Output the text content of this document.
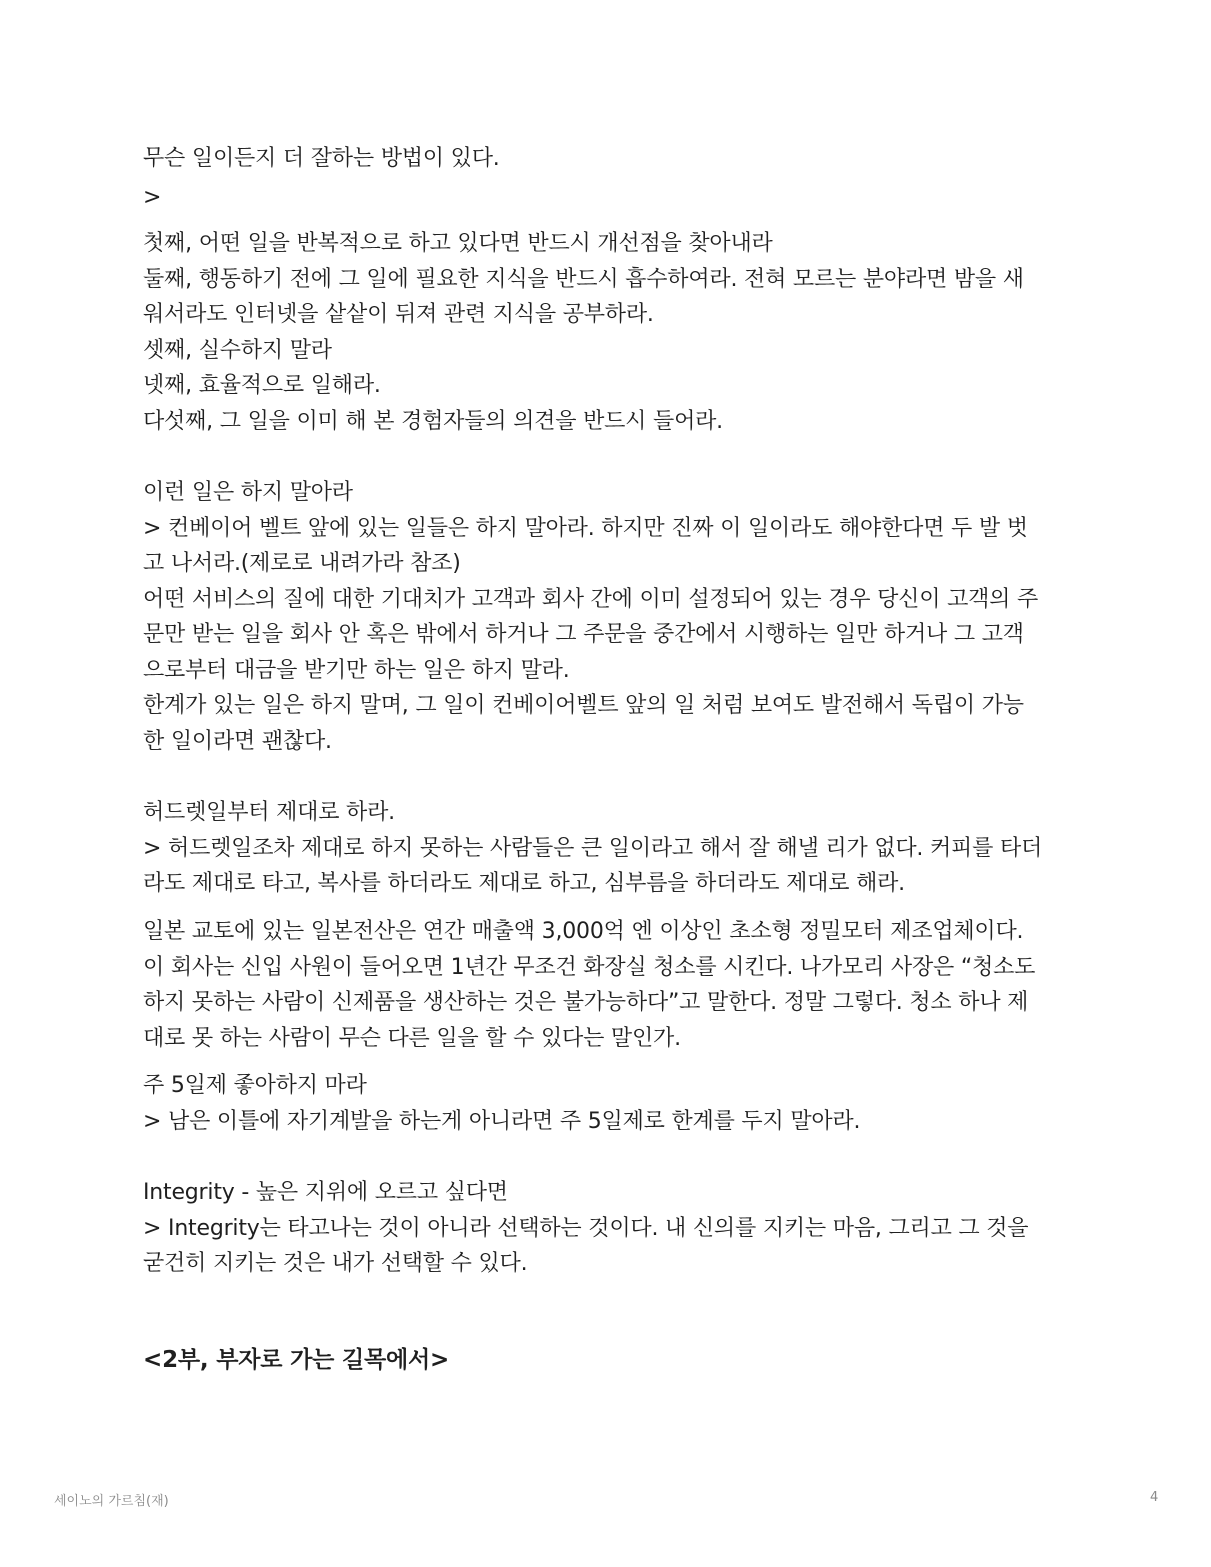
무슨 일이든지 더 잘하는 방법이 있다.
>
첫째, 어떤 일을 반복적으로 하고 있다면 반드시 개선점을 찾아내라
둘째, 행동하기 전에 그 일에 필요한 지식을 반드시 흡수하여라. 전혀 모르는 분야라면 밤을 새
워서라도 인터넷을 샅샅이 뒤져 관련 지식을 공부하라.
셋째, 실수하지 말라
넷째, 효율적으로 일해라.
다섯째, 그 일을 이미 해 본 경험자들의 의견을 반드시 들어라.
이런 일은 하지 말아라
> 컨베이어 벨트 앞에 있는 일들은 하지 말아라. 하지만 진짜 이 일이라도 해야한다면 두 발 벗
고 나서라.(제로로 내려가라 참조)
어떤 서비스의 질에 대한 기대치가 고객과 회사 간에 이미 설정되어 있는 경우 당신이 고객의 주
문만 받는 일을 회사 안 혹은 밖에서 하거나 그 주문을 중간에서 시행하는 일만 하거나 그 고객
으로부터 대금을 받기만 하는 일은 하지 말라.
한계가 있는 일은 하지 말며, 그 일이 컨베이어벨트 앞의 일 처럼 보여도 발전해서 독립이 가능
한 일이라면 괜찮다.
허드렛일부터 제대로 하라.
> 허드렛일조차 제대로 하지 못하는 사람들은 큰 일이라고 해서 잘 해낼 리가 없다. 커피를 타더
라도 제대로 타고, 복사를 하더라도 제대로 하고, 심부름을 하더라도 제대로 해라.
일본 교토에 있는 일본전산은 연간 매출액 3,000억 엔 이상인 초소형 정밀모터 제조업체이다.
이 회사는 신입 사원이 들어오면 1년간 무조건 화장실 청소를 시킨다. 나가모리 사장은 “청소도
하지 못하는 사람이 신제품을 생산하는 것은 불가능하다”고 말한다. 정말 그렇다. 청소 하나 제
대로 못 하는 사람이 무슨 다른 일을 할 수 있다는 말인가.
주 5일제 좋아하지 마라
> 남은 이틀에 자기계발을 하는게 아니라면 주 5일제로 한계를 두지 말아라.
Integrity - 높은 지위에 오르고 싶다면
> Integrity는 타고나는 것이 아니라 선택하는 것이다. 내 신의를 지키는 마음, 그리고 그 것을
굳건히 지키는 것은 내가 선택할 수 있다.
<2부, 부자로 가는 길목에서>
세이노의 가르침(재)	4
